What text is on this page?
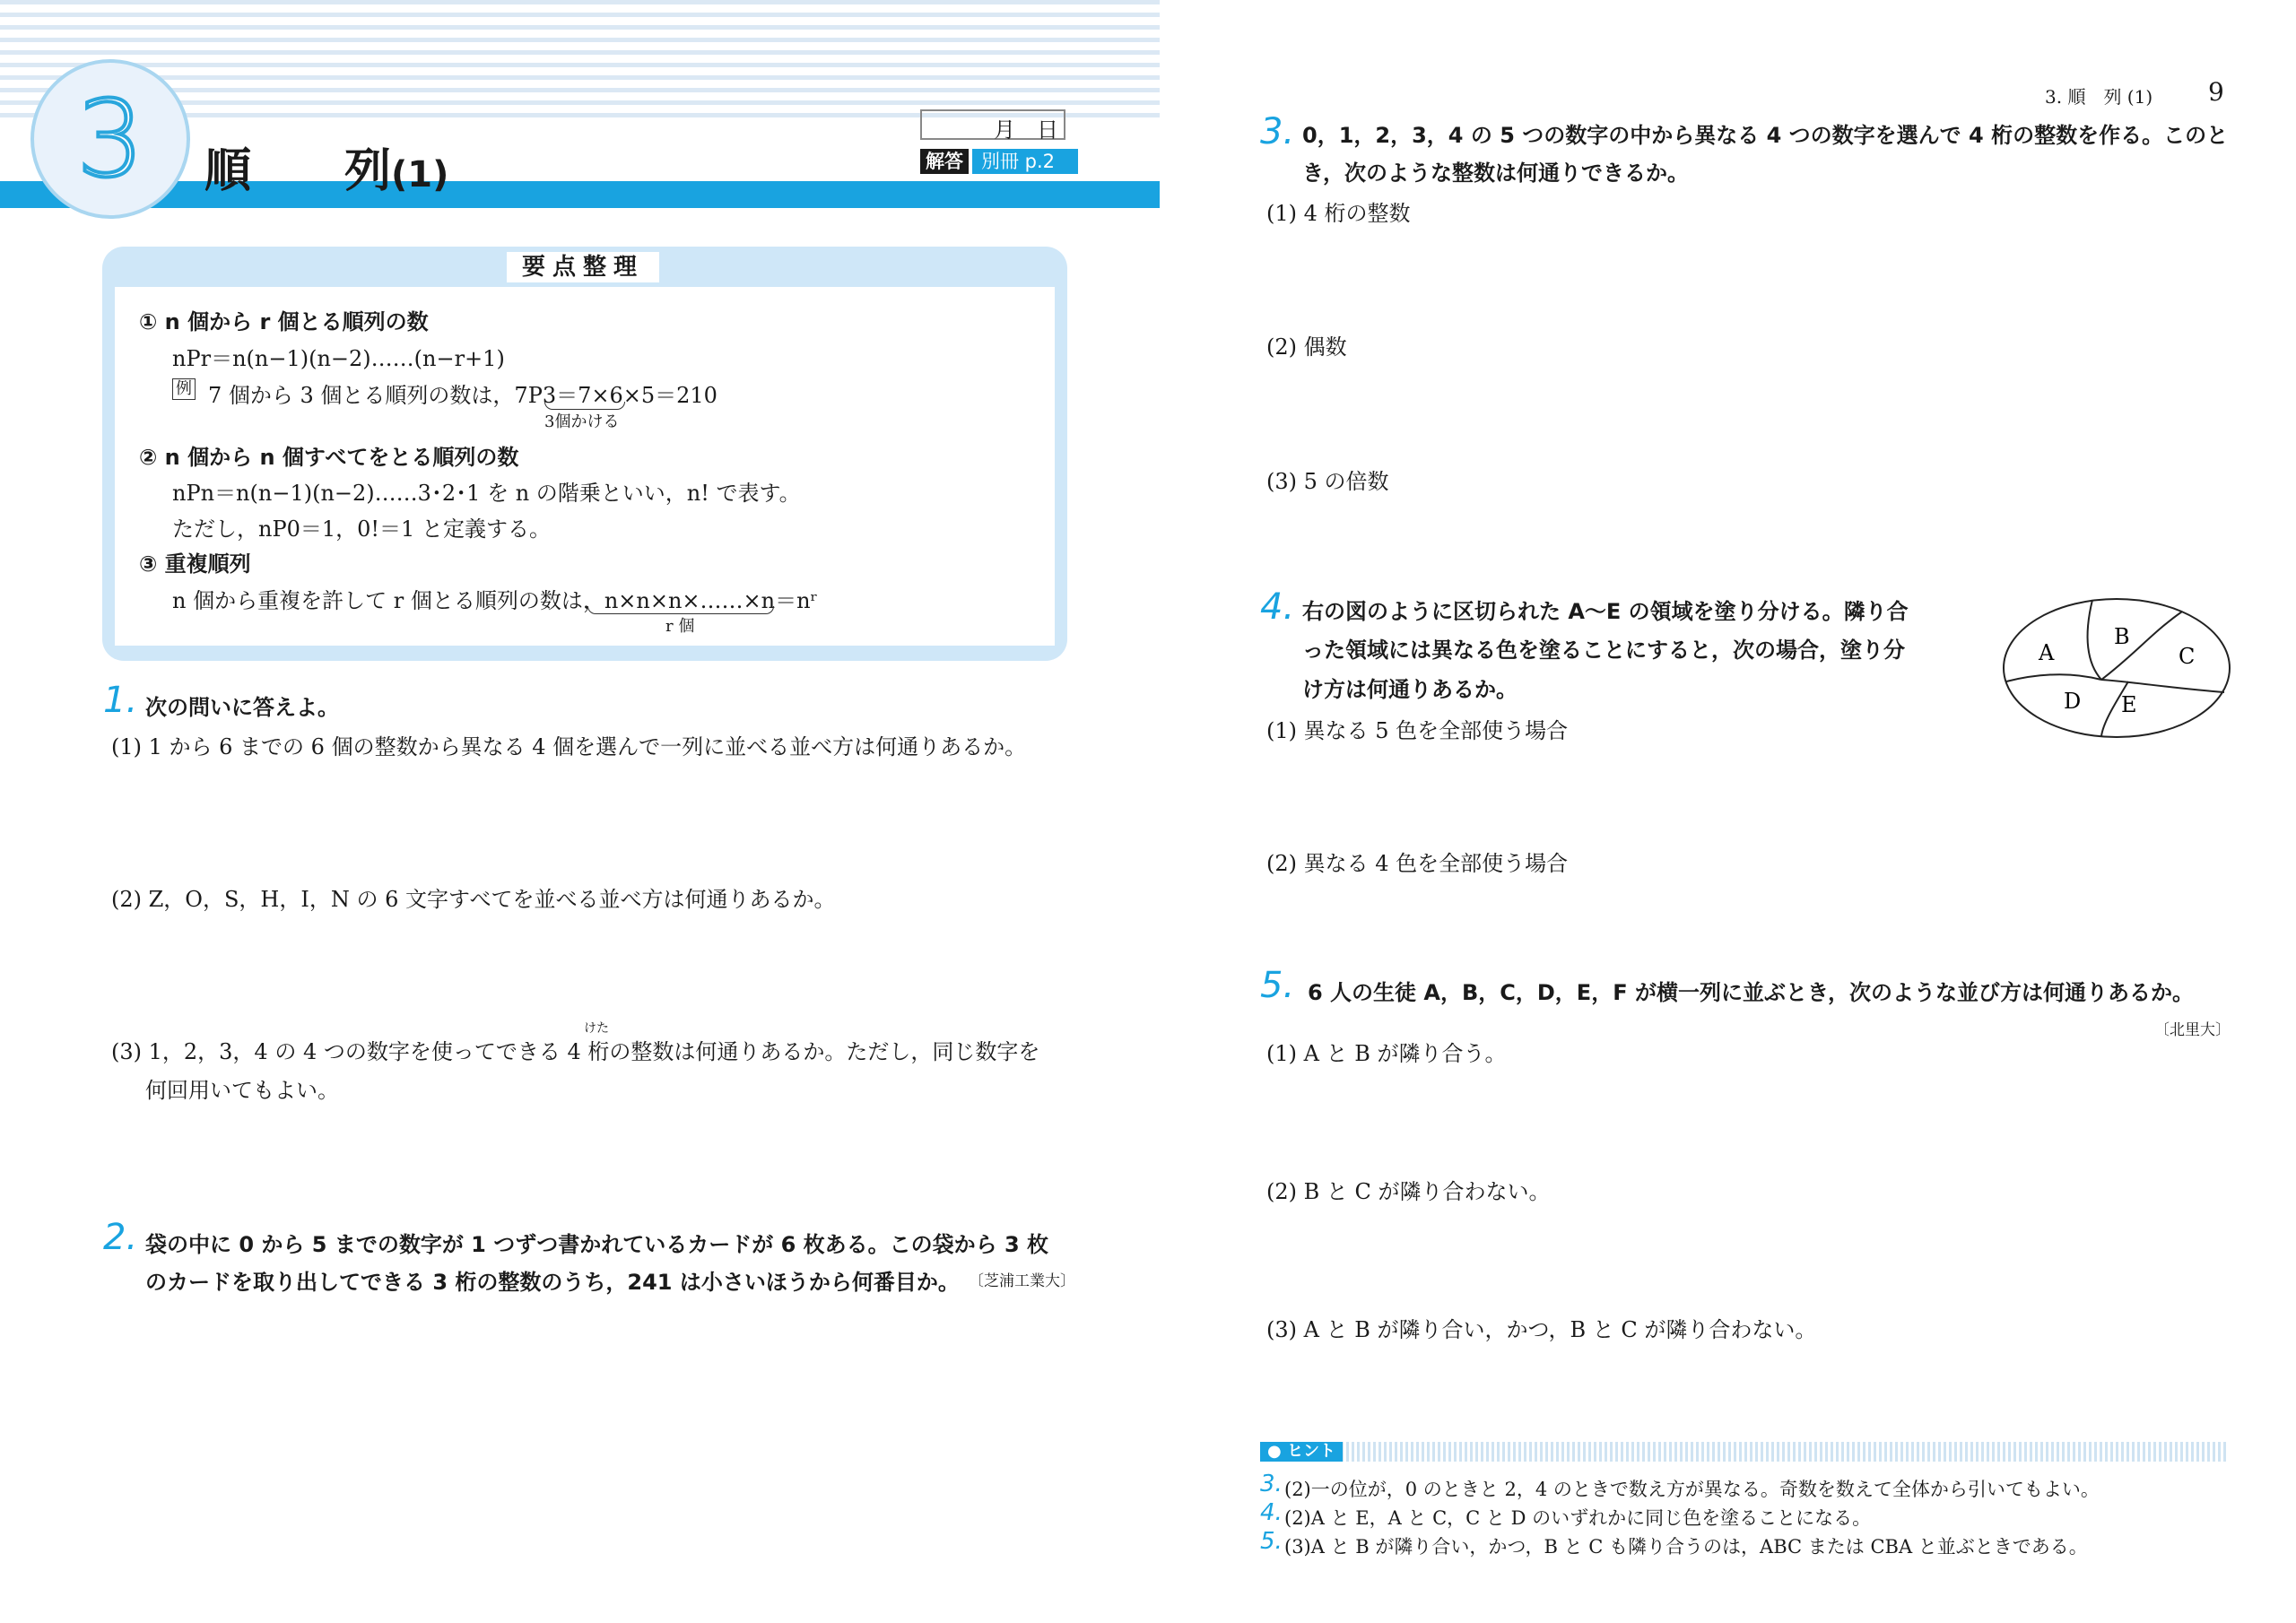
3 順　　列(1)
月　日
解答 別冊 p.2
要点整理
① n 個から r 個とる順列の数
nPr＝n(n−1)(n−2)……(n−r+1)
例 7 個から 3 個とる順列の数は，7P3＝7×6×5＝210
3個かける
② n 個から n 個すべてをとる順列の数
nPn＝n(n−1)(n−2)……3･2･1 を n の階乗といい，n! で表す。
ただし，nP0＝1，0!＝1 と定義する。
③ 重複順列
n 個から重複を許して r 個とる順列の数は，n×n×n×……×n＝nʳ
r 個
1. 次の問いに答えよ。
(1) 1 から 6 までの 6 個の整数から異なる 4 個を選んで一列に並べる並べ方は何通りあるか。
(2) Z，O，S，H，I，N の 6 文字すべてを並べる並べ方は何通りあるか。
けた
(3) 1，2，3，4 の 4 つの数字を使ってできる 4 桁の整数は何通りあるか。ただし，同じ数字を
何回用いてもよい。
2. 袋の中に 0 から 5 までの数字が 1 つずつ書かれているカードが 6 枚ある。この袋から 3 枚
のカードを取り出してできる 3 桁の整数のうち，241 は小さいほうから何番目か。 〔芝浦工業大〕
3. 順　列 (1) 9
3. 0，1，2，3，4 の 5 つの数字の中から異なる 4 つの数字を選んで 4 桁の整数を作る。このと
き，次のような整数は何通りできるか。
(1) 4 桁の整数
(2) 偶数
(3) 5 の倍数
4. 右の図のように区切られた A～E の領域を塗り分ける。隣り合
った領域には異なる色を塗ることにすると，次の場合，塗り分
け方は何通りあるか。
(1) 異なる 5 色を全部使う場合
(2) 異なる 4 色を全部使う場合
A
B
C
D E
5. 6 人の生徒 A，B，C，D，E，F が横一列に並ぶとき，次のような並び方は何通りあるか。
〔北里大〕
(1) A と B が隣り合う。
(2) B と C が隣り合わない。
(3) A と B が隣り合い，かつ，B と C が隣り合わない。
● ヒント
3. (2)一の位が，0 のときと 2，4 のときで数え方が異なる。奇数を数えて全体から引いてもよい。
4. (2)A と E，A と C，C と D のいずれかに同じ色を塗ることになる。
5. (3)A と B が隣り合い，かつ，B と C も隣り合うのは，ABC または CBA と並ぶときである。
